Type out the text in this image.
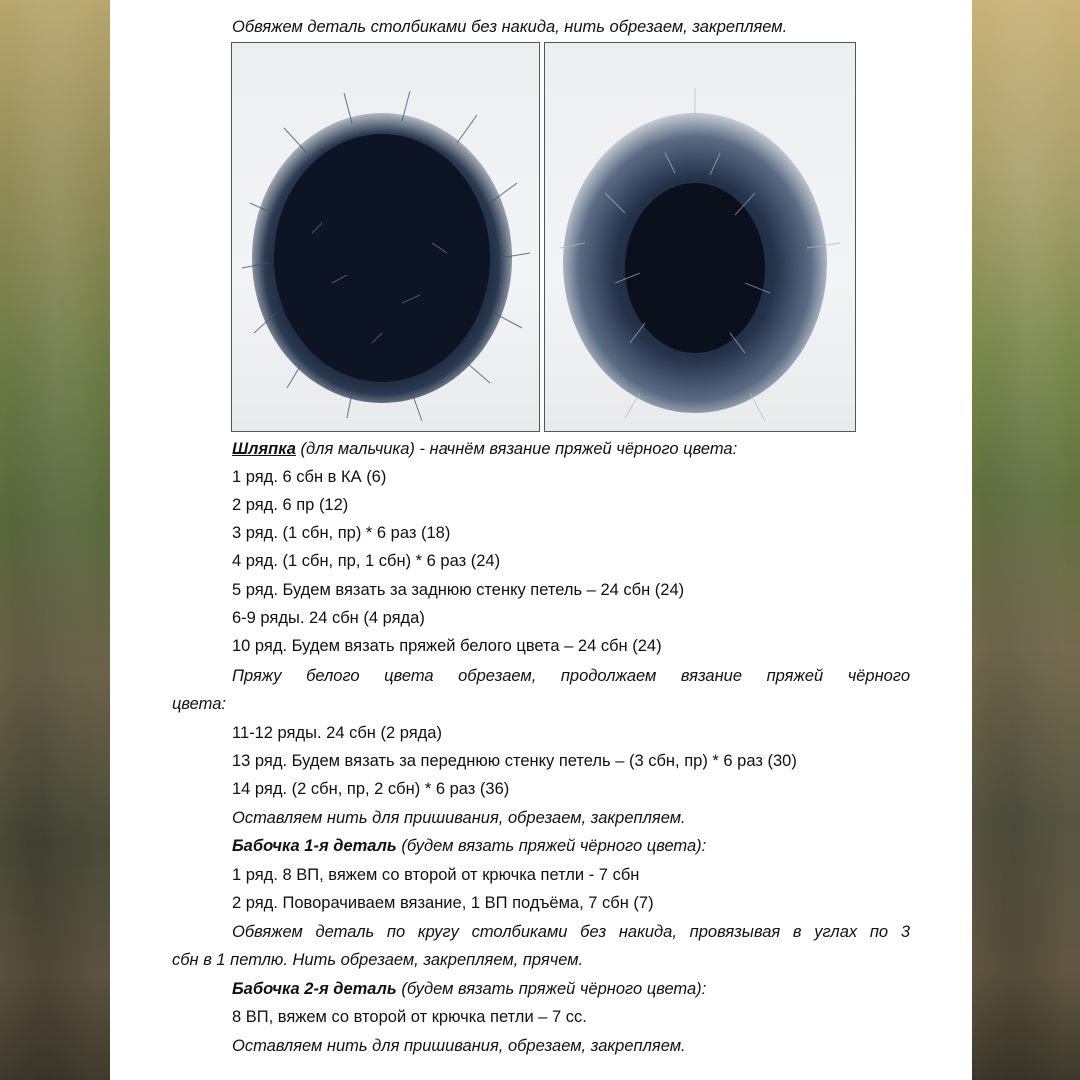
Обвяжем деталь столбиками без накида, нить обрезаем, закрепляем.
Шляпка (для мальчика) - начнём вязание пряжей чёрного цвета:
1 ряд. 6 сбн в КА (6)
2 ряд. 6 пр (12)
3 ряд. (1 сбн, пр) * 6 раз (18)
4 ряд. (1 сбн, пр, 1 сбн) * 6 раз (24)
5 ряд. Будем вязать за заднюю стенку петель – 24 сбн (24)
6-9 ряды. 24 сбн (4 ряда)
10 ряд. Будем вязать пряжей белого цвета – 24 сбн (24)
Пряжу белого цвета обрезаем, продолжаем вязание пряжей чёрного
цвета:
11-12 ряды. 24 сбн (2 ряда)
13 ряд. Будем вязать за переднюю стенку петель – (3 сбн, пр) * 6 раз (30)
14 ряд. (2 сбн, пр, 2 сбн) * 6 раз (36)
Оставляем нить для пришивания, обрезаем, закрепляем.
Бабочка 1-я деталь (будем вязать пряжей чёрного цвета):
1 ряд. 8 ВП, вяжем со второй от крючка петли - 7 сбн
2 ряд. Поворачиваем вязание, 1 ВП подъёма, 7 сбн (7)
Обвяжем деталь по кругу столбиками без накида, провязывая в углах по 3
сбн в 1 петлю. Нить обрезаем, закрепляем, прячем.
Бабочка 2-я деталь (будем вязать пряжей чёрного цвета):
8 ВП, вяжем со второй от крючка петли – 7 сс.
Оставляем нить для пришивания, обрезаем, закрепляем.
